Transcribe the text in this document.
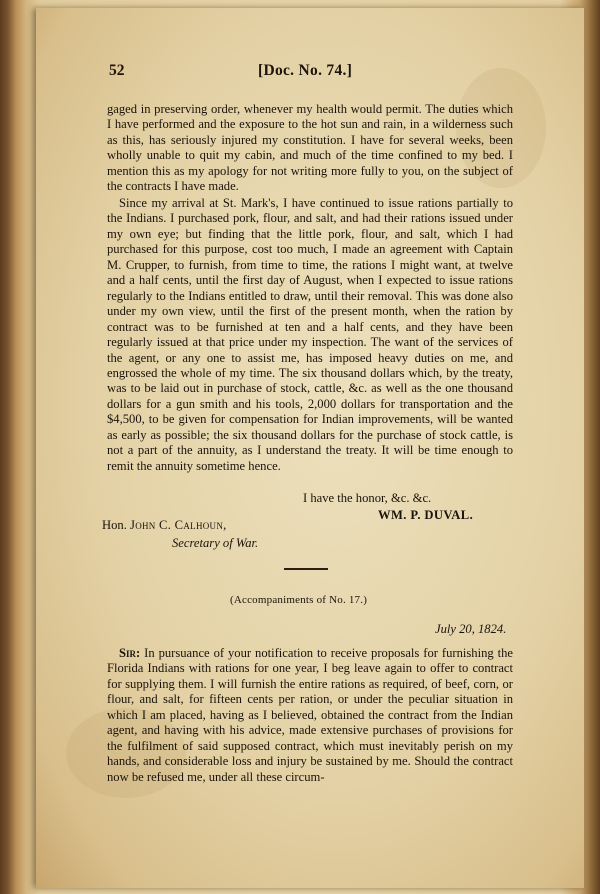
52	[Doc. No. 74.]

gaged in preserving order, whenever my health would permit. The duties which I have performed and the exposure to the hot sun and rain, in a wilderness such as this, has seriously injured my constitution. I have for several weeks, been wholly unable to quit my cabin, and much of the time confined to my bed. I mention this as my apology for not writing more fully to you, on the subject of the contracts I have made.

Since my arrival at St. Mark's, I have continued to issue rations partially to the Indians. I purchased pork, flour, and salt, and had their rations issued under my own eye; but finding that the little pork, flour, and salt, which I had purchased for this purpose, cost too much, I made an agreement with Captain M. Crupper, to furnish, from time to time, the rations I might want, at twelve and a half cents, until the first day of August, when I expected to issue rations regularly to the Indians entitled to draw, until their removal. This was done also under my own view, until the first of the present month, when the ration by contract was to be furnished at ten and a half cents, and they have been regularly issued at that price under my inspection. The want of the services of the agent, or any one to assist me, has imposed heavy duties on me, and engrossed the whole of my time. The six thousand dollars which, by the treaty, was to be laid out in purchase of stock, cattle, &c. as well as the one thousand dollars for a gun smith and his tools, 2,000 dollars for transportation and the $4,500, to be given for compensation for Indian improvements, will be wanted as early as possible; the six thousand dollars for the purchase of stock cattle, is not a part of the annuity, as I understand the treaty. It will be time enough to remit the annuity sometime hence.

I have the honor, &c. &c.
WM. P. DUVAL.
Hon. John C. Calhoun,
Secretary of War.
(Accompaniments of No. 17.)
July 20, 1824.

Sir: In pursuance of your notification to receive proposals for furnishing the Florida Indians with rations for one year, I beg leave again to offer to contract for supplying them. I will furnish the entire rations as required, of beef, corn, or flour, and salt, for fifteen cents per ration, or under the peculiar situation in which I am placed, having as I believed, obtained the contract from the Indian agent, and having with his advice, made extensive purchases of provisions for the fulfilment of said supposed contract, which must inevitably perish on my hands, and considerable loss and injury be sustained by me. Should the contract now be refused me, under all these circum-
